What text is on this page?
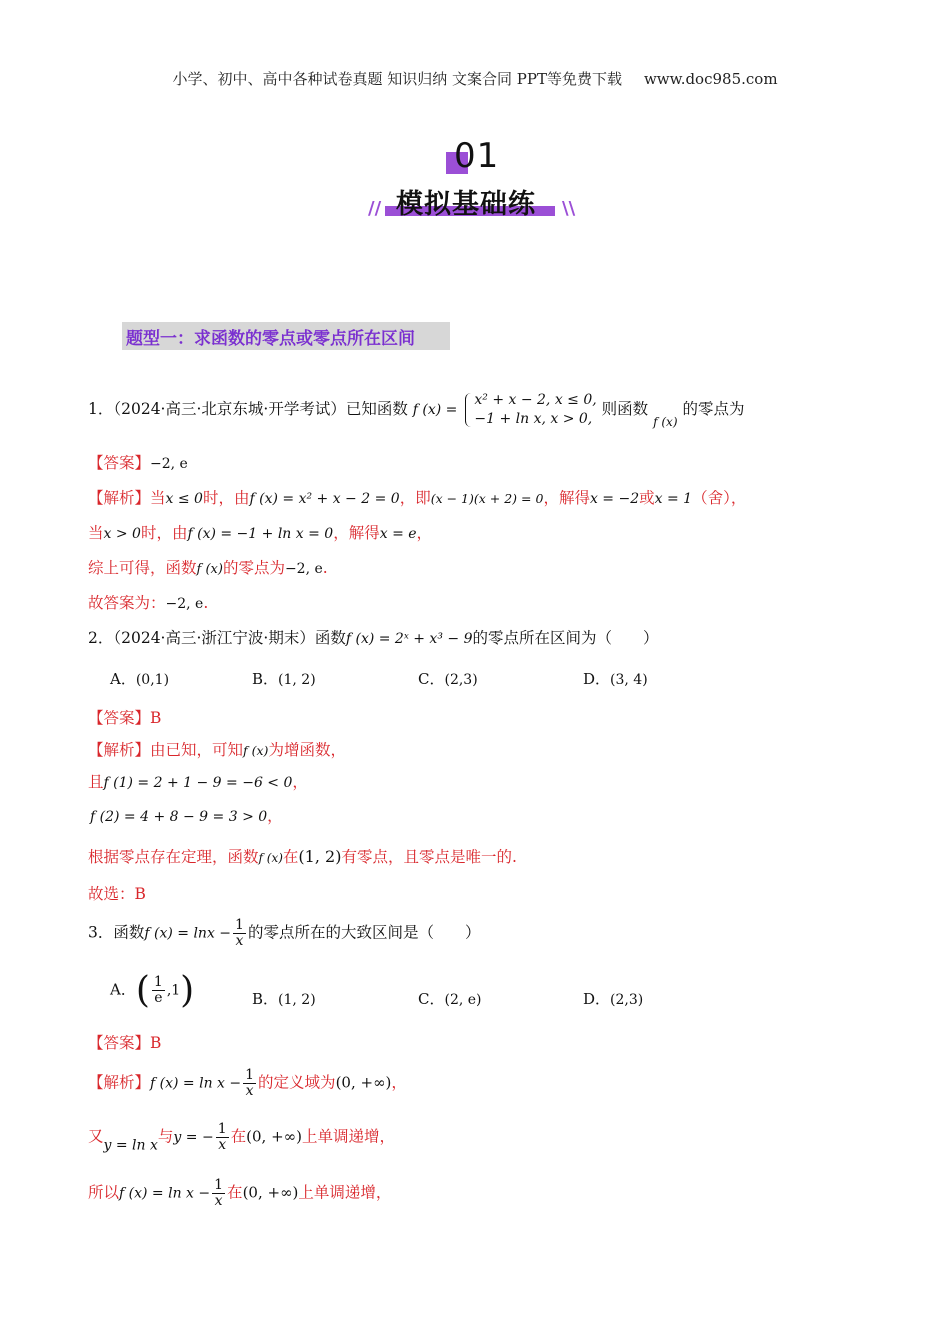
小学、初中、高中各种试卷真题 知识归纳 文案合同 PPT等免费下载 www.doc985.com
01
// 模拟基础练 \\
题型一：求函数的零点或零点所在区间
1．（2024·高三·北京东城·开学考试）已知函数 f (x) =
x² + x − 2, x ≤ 0,
−1 + ln x, x > 0,
则函数 $_{f (x)}$ 的零点为
【答案】−2, e
【解析】当x ≤ 0时，由f (x) = x² + x − 2 = 0，即(x − 1)(x + 2) = 0，解得x = −2或x = 1（舍），
当x > 0时，由f (x) = −1 + ln x = 0，解得x = e，
综上可得，函数f (x)的零点为−2, e.
故答案为：−2, e.
2．（2024·高三·浙江宁波·期末）函数f (x) = 2ˣ + x³ − 9的零点所在区间为（　　）
A．(0,1)	B．(1, 2)	C．(2,3)	D．(3, 4)
【答案】B
【解析】由已知，可知f (x)为增函数，
且f (1) = 2 + 1 − 9 = −6 < 0，
f (2) = 4 + 8 − 9 = 3 > 0，
根据零点存在定理，函数f (x)在(1, 2)有零点，且零点是唯一的.
故选：B
3．函数f $(x) = \ln x - \frac{1}{x}$ 的零点所在的大致区间是（　　）
A．( $\frac{1}{e} ,1$)	B．(1, 2)	C．(2, e)	D．(2,3)
【答案】B
【解析】f $(x) = \ln x - \frac{1}{x}$ 的定义域为(0, +∞)，
又y = ln x与y = − $\frac{1}{x}$ 在(0, +∞)上单调递增，
所以f $(x) = \ln x - \frac{1}{x}$ 在(0, +∞)上单调递增，
